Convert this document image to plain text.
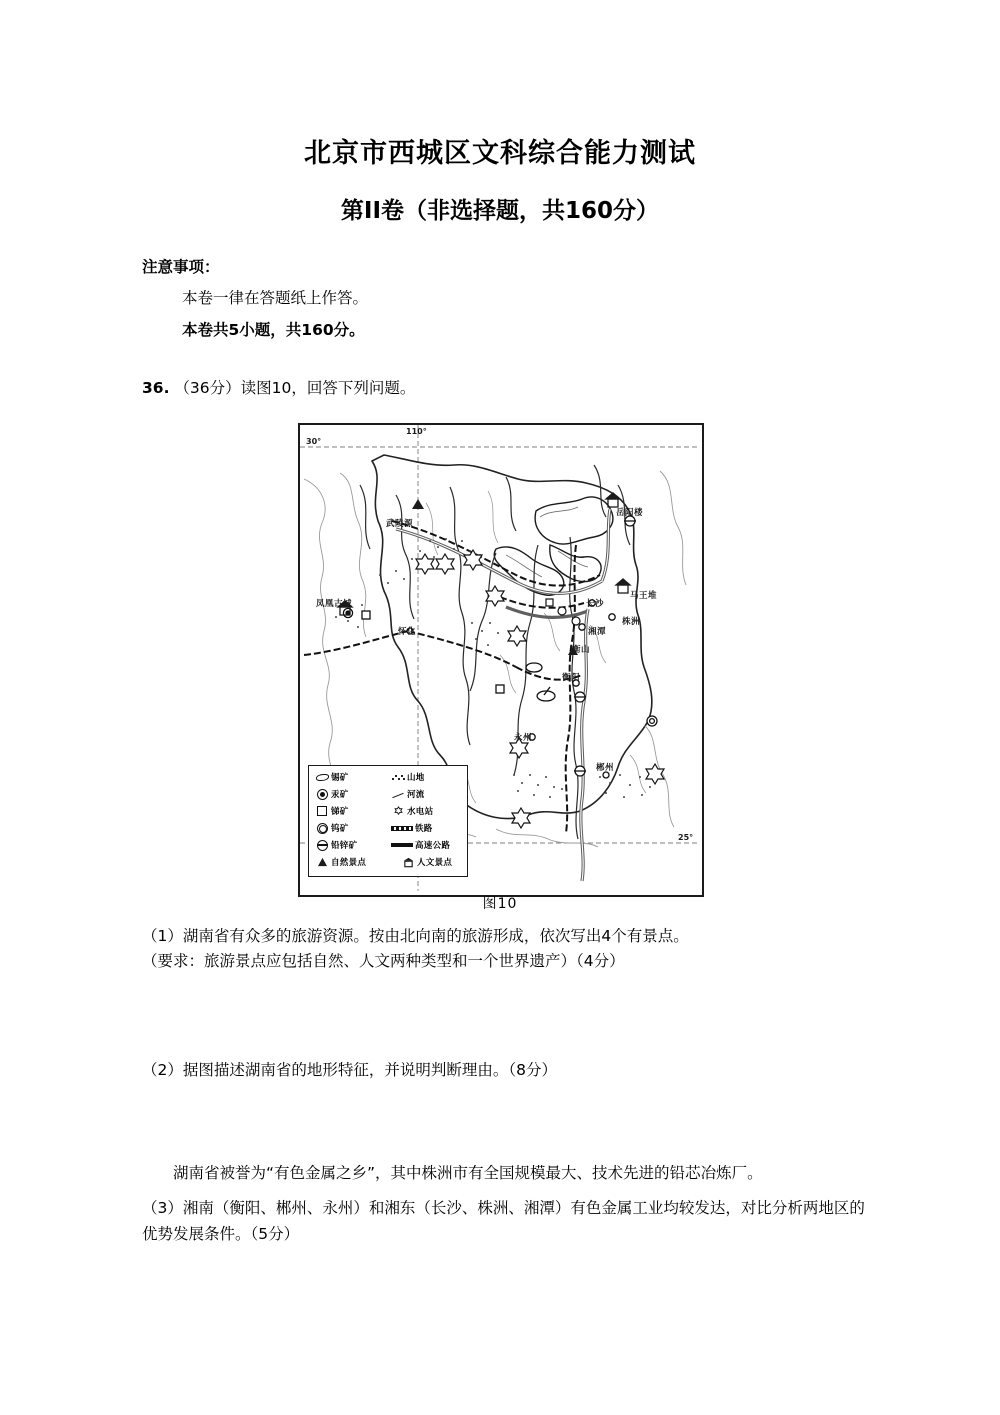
北京市西城区文科综合能力测试
第II卷（非选择题，共160分）

注意事项：

本卷一律在答题纸上作答。

本卷共5小题，共160分。

36. （36分）读图10，回答下列问题。

30°
110°
25°
武陵源
凤凰古城
岳阳楼
马王堆
长沙
株洲
湘潭
衡山
衡阳
永州
怀化
郴州
锡矿	山地
汞矿	河流
锑矿	水电站
钨矿	铁路
铅锌矿	高速公路
自然景点	人文景点
图10

（1）湖南省有众多的旅游资源。按由北向南的旅游形成，依次写出4个有景点。

（要求：旅游景点应包括自然、人文两种类型和一个世界遗产）（4分）

（2）据图描述湖南省的地形特征，并说明判断理由。（8分）

湖南省被誉为“有色金属之乡”，其中株洲市有全国规模最大、技术先进的铅芯冶炼厂。

（3）湘南（衡阳、郴州、永州）和湘东（长沙、株洲、湘潭）有色金属工业均较发达，对比分析两地区的优势发展条件。（5分）
